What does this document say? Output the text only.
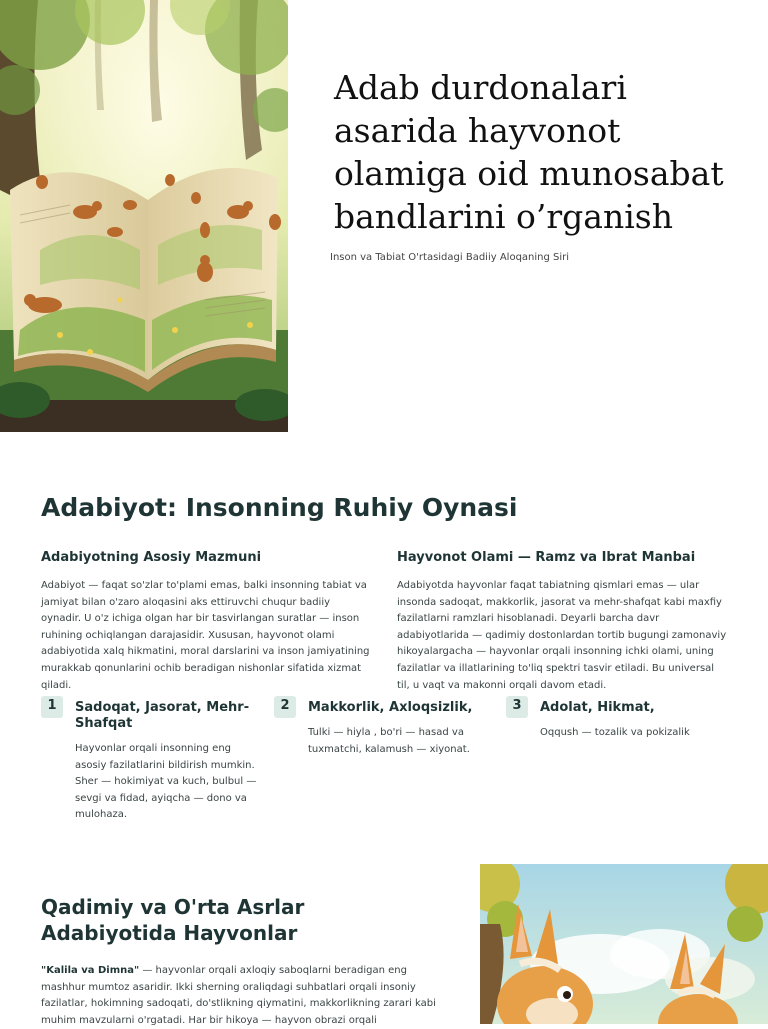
Adab durdonalari asarida hayvonot olamiga oid munosabat bandlarini o’rganish

Inson va Tabiat O'rtasidagi Badiiy Aloqaning Siri

Adabiyot: Insonning Ruhiy Oynasi
Adabiyotning Asosiy Mazmuni

Adabiyot — faqat so'zlar to'plami emas, balki insonning tabiat va jamiyat bilan o'zaro aloqasini aks ettiruvchi chuqur badiiy oynadir. U o'z ichiga olgan har bir tasvirlangan suratlar — inson ruhining ochiqlangan darajasidir. Xususan, hayvonot olami adabiyotida xalq hikmatini, moral darslarini va inson jamiyatining murakkab qonunlarini ochib beradigan nishonlar sifatida xizmat qiladi.

Hayvonot Olami — Ramz va Ibrat Manbai

Adabiyotda hayvonlar faqat tabiatning qismlari emas — ular insonda sadoqat, makkorlik, jasorat va mehr-shafqat kabi maxfiy fazilatlarni ramzlari hisoblanadi. Deyarli barcha davr adabiyotlarida — qadimiy dostonlardan tortib bugungi zamonaviy hikoyalargacha — hayvonlar orqali insonning ichki olami, uning fazilatlar va illatlarining to'liq spektri tasvir etiladi. Bu universal til, u vaqt va makonni orqali davom etadi.

1	Sadoqat, Jasorat, Mehr-Shafqat

Hayvonlar orqali insonning eng asosiy fazilatlarini bildirish mumkin. Sher — hokimiyat va kuch, bulbul — sevgi va fidad, ayiqcha — dono va mulohaza.

2	Makkorlik, Axloqsizlik,

Tulki — hiyla , bo'ri — hasad va tuxmatchi, kalamush — xiyonat.

3	Adolat, Hikmat,

Oqqush — tozalik va pokizalik

Qadimiy va O'rta Asrlar Adabiyotida Hayvonlar

"Kalila va Dimna" — hayvonlar orqali axloqiy saboqlarni beradigan eng mashhur mumtoz asaridir. Ikki sherning oraliqdagi suhbatlari orqali insoniy fazilatlar, hokimning sadoqati, do'stlikning qiymatini, makkorlikning zarari kabi muhim mavzularni o'rgatadi. Har bir hikoya — hayvon obrazi orqali
